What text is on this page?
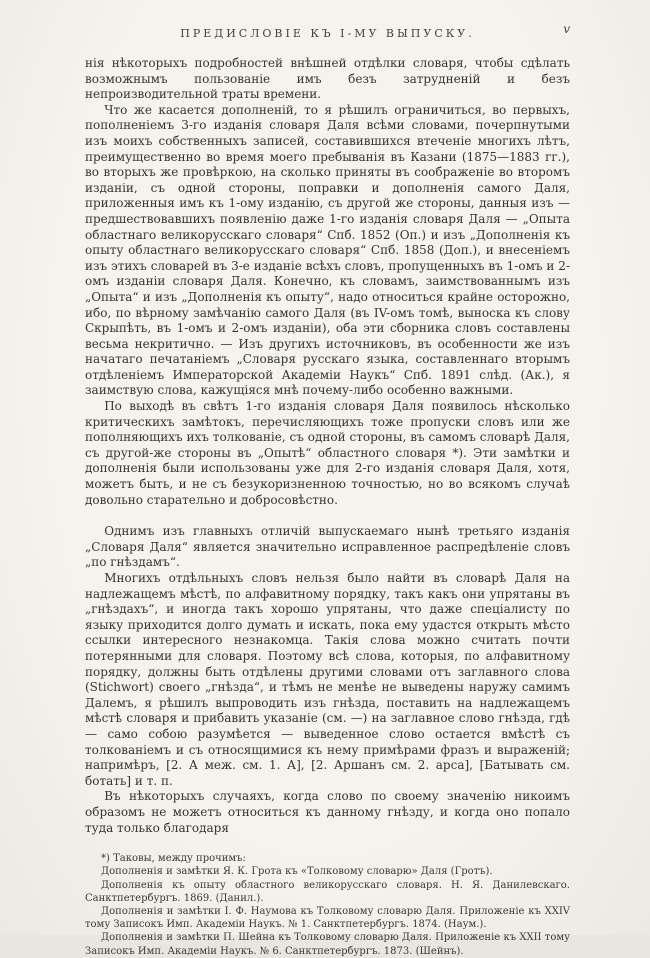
ПРЕДИСЛОВІЕ КЪ I-МУ ВЫПУСКУ.	v

нія нѣкоторыхъ подробностей внѣшней отдѣлки словаря, чтобы сдѣлать возможнымъ пользованіе имъ безъ затрудненій и безъ непроизводительной траты времени.

Что же касается дополненій, то я рѣшилъ ограничиться, во первыхъ, пополненіемъ 3-го изданія словаря Даля всѣми словами, почерпнутыми изъ моихъ собственныхъ записей, составившихся втеченіе многихъ лѣтъ, преимущественно во время моего пребыванія въ Казани (1875—1883 гг.), во вторыхъ же провѣркою, на сколько приняты въ соображеніе во второмъ изданіи, съ одной стороны, поправки и дополненія самого Даля, приложенныя имъ къ 1-ому изданію, съ другой же стороны, данныя изъ — предшествовавшихъ появленію даже 1-го изданія словаря Даля — „Опыта областнаго великорусскаго словаря“ Спб. 1852 (Оп.) и изъ „Дополненія къ опыту областнаго великорусскаго словаря“ Спб. 1858 (Доп.), и внесеніемъ изъ этихъ словарей въ 3-е изданіе всѣхъ словъ, пропущенныхъ въ 1-омъ и 2-омъ изданіи словаря Даля. Конечно, къ словамъ, заимствованнымъ изъ „Опыта“ и изъ „Дополненія къ опыту“, надо относиться крайне осторожно, ибо, по вѣрному замѣчанію самого Даля (въ IV-омъ томѣ, выноска къ слову Скрыпѣть, въ 1-омъ и 2-омъ изданіи), оба эти сборника словъ составлены весьма некритично. — Изъ другихъ источниковъ, въ особенности же изъ начатаго печатаніемъ „Словаря русскаго языка, составленнаго вторымъ отдѣленіемъ Императорской Академіи Наукъ“ Спб. 1891 слѣд. (Ак.), я заимствую слова, кажущіяся мнѣ почему-либо особенно важными.

По выходѣ въ свѣтъ 1-го изданія словаря Даля появилось нѣсколько критическихъ замѣтокъ, перечисляющихъ тоже пропуски словъ или же пополняющихъ ихъ толкованіе, съ одной стороны, въ самомъ словарѣ Даля, съ другой-же стороны въ „Опытѣ“ областного словаря *). Эти замѣтки и дополненія были использованы уже для 2-го изданія словаря Даля, хотя, можетъ быть, и не съ безукоризненною точностью, но во всякомъ случаѣ довольно старательно и добросовѣстно.

Однимъ изъ главныхъ отличій выпускаемаго нынѣ третьяго изданія „Словаря Даля“ является значительно исправленное распредѣленіе словъ „по гнѣздамъ“.

Многихъ отдѣльныхъ словъ нельзя было найти въ словарѣ Даля на надлежащемъ мѣстѣ, по алфавитному порядку, такъ какъ они упрятаны въ „гнѣздахъ“, и иногда такъ хорошо упрятаны, что даже спеціалисту по языку приходится долго думать и искать, пока ему удастся открыть мѣсто ссылки интересного незнакомца. Такія слова можно считать почти потерянными для словаря. Поэтому всѣ слова, которыя, по алфавитному порядку, должны быть отдѣлены другими словами отъ заглавного слова (Stichwort) своего „гнѣзда“, и тѣмъ не менѣе не выведены наружу самимъ Далемъ, я рѣшилъ выпроводить изъ гнѣзда, поставить на надлежащемъ мѣстѣ словаря и прибавить указаніе (см. —) на заглавное слово гнѣзда, гдѣ — само собою разумѣется — выведенное слово остается вмѣстѣ съ толкованіемъ и съ относящимися къ нему примѣрами фразъ и выраженій; напримѣръ, [2. А меж. см. 1. А], [2. Аршанъ см. 2. арса], [Батывать см. ботать] и т. п.

Въ нѣкоторыхъ случаяхъ, когда слово по своему значенію никоимъ образомъ не можетъ относиться къ данному гнѣзду, и когда оно попало туда только благодаря

*) Таковы, между прочимъ:

Дополненія и замѣтки Я. К. Грота къ «Толковому словарю» Даля (Гротъ).

Дополненія къ опыту областного великорусскаго словаря. Н. Я. Данилевскаго. Санктпетербургъ. 1869. (Данил.).

Дополненія и замѣтки І. Ф. Наумова къ Толковому словарю Даля. Приложеніе къ XXIV тому Записокъ Имп. Академіи Наукъ. № 1. Санктпетербургъ. 1874. (Наум.).

Дополненія и замѣтки П. Шейна къ Толковому словарю Даля. Приложеніе къ XXII тому Записокъ Имп. Академіи Наукъ. № 6. Санктпетербургъ. 1873. (Шейнъ).
